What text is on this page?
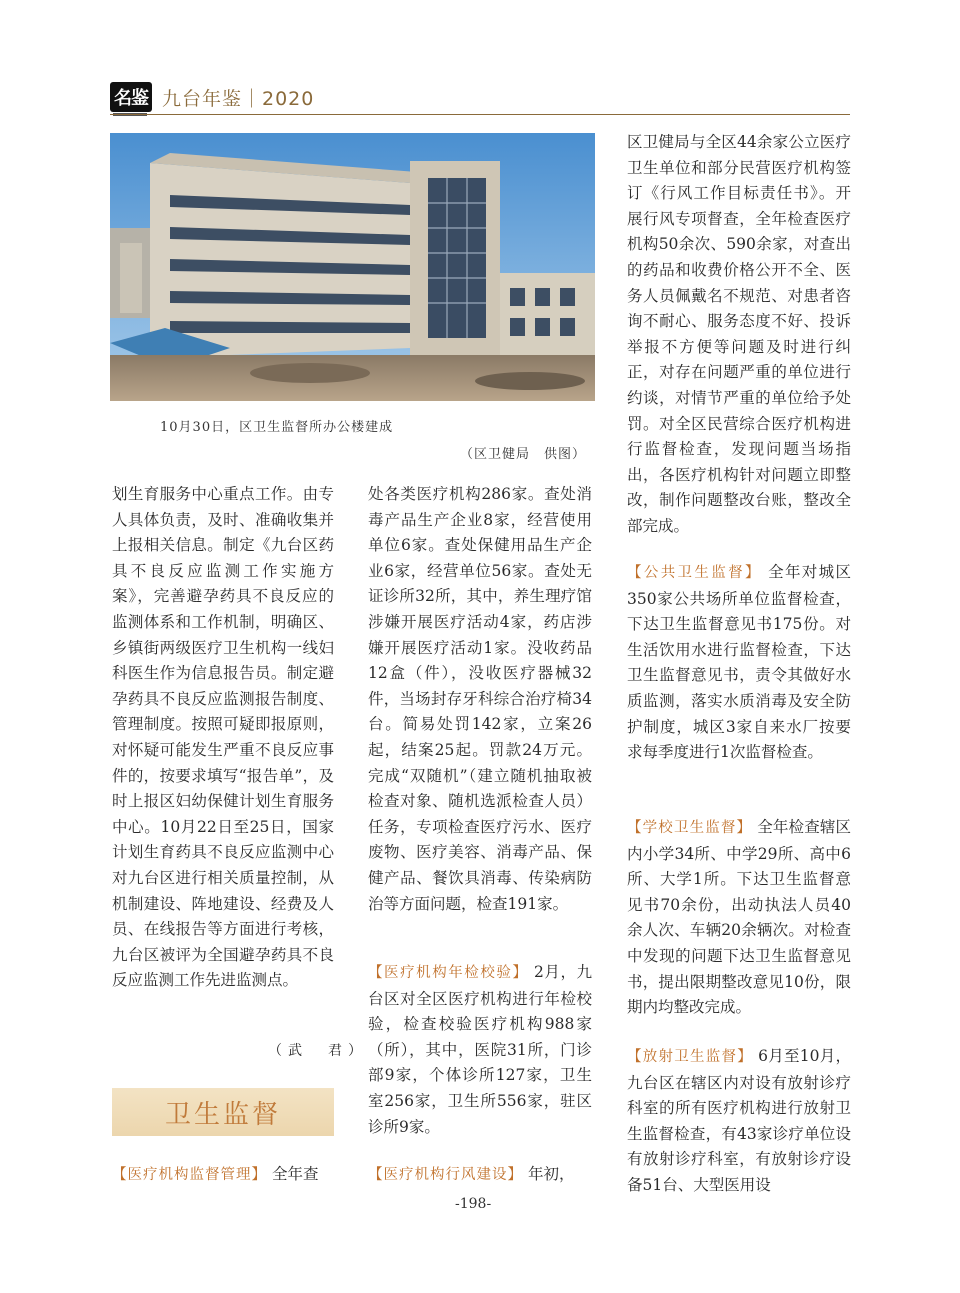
名鉴 九台年鉴｜2020
10月30日，区卫生监督所办公楼建成
（区卫健局　供图）

划生育服务中心重点工作。由专人具体负责，及时、准确收集并上报相关信息。制定《九台区药具不良反应监测工作实施方案》，完善避孕药具不良反应的监测体系和工作机制，明确区、乡镇街两级医疗卫生机构一线妇科医生作为信息报告员。制定避孕药具不良反应监测报告制度、管理制度。按照可疑即报原则，对怀疑可能发生严重不良反应事件的，按要求填写“报告单”，及时上报区妇幼保健计划生育服务中心。10月22日至25日，国家计划生育药具不良反应监测中心对九台区进行相关质量控制，从机制建设、阵地建设、经费及人员、在线报告等方面进行考核，九台区被评为全国避孕药具不良反应监测工作先进监测点。

（武　君）
卫生监督
【医疗机构监督管理】 全年查

处各类医疗机构286家。查处消毒产品生产企业8家，经营使用单位6家。查处保健用品生产企业6家，经营单位56家。查处无证诊所32所，其中，养生理疗馆涉嫌开展医疗活动4家，药店涉嫌开展医疗活动1家。没收药品12盒（件），没收医疗器械32件，当场封存牙科综合治疗椅34台。简易处罚142家，立案26起，结案25起。罚款24万元。完成“双随机”（建立随机抽取被检查对象、随机选派检查人员）任务，专项检查医疗污水、医疗废物、医疗美容、消毒产品、保健产品、餐饮具消毒、传染病防治等方面问题，检查191家。

【医疗机构年检校验】 2月，九台区对全区医疗机构进行年检校验，检查校验医疗机构988家（所），其中，医院31所，门诊部9家，个体诊所127家，卫生室256家，卫生所556家，驻区诊所9家。
【医疗机构行风建设】 年初，

区卫健局与全区44余家公立医疗卫生单位和部分民营医疗机构签订《行风工作目标责任书》。开展行风专项督查，全年检查医疗机构50余次、590余家，对查出的药品和收费价格公开不全、医务人员佩戴名不规范、对患者咨询不耐心、服务态度不好、投诉举报不方便等问题及时进行纠正，对存在问题严重的单位进行约谈，对情节严重的单位给予处罚。对全区民营综合医疗机构进行监督检查，发现问题当场指出，各医疗机构针对问题立即整改，制作问题整改台账，整改全部完成。

【公共卫生监督】 全年对城区350家公共场所单位监督检查，下达卫生监督意见书175份。对生活饮用水进行监督检查，下达卫生监督意见书，责令其做好水质监测，落实水质消毒及安全防护制度，城区3家自来水厂按要求每季度进行1次监督检查。
【学校卫生监督】 全年检查辖区内小学34所、中学29所、高中6所、大学1所。下达卫生监督意见书70余份，出动执法人员40余人次、车辆20余辆次。对检查中发现的问题下达卫生监督意见书，提出限期整改意见10份，限期内均整改完成。
【放射卫生监督】 6月至10月，九台区在辖区内对设有放射诊疗科室的所有医疗机构进行放射卫生监督检查，有43家诊疗单位设有放射诊疗科室，有放射诊疗设备51台、大型医用设
-198-
